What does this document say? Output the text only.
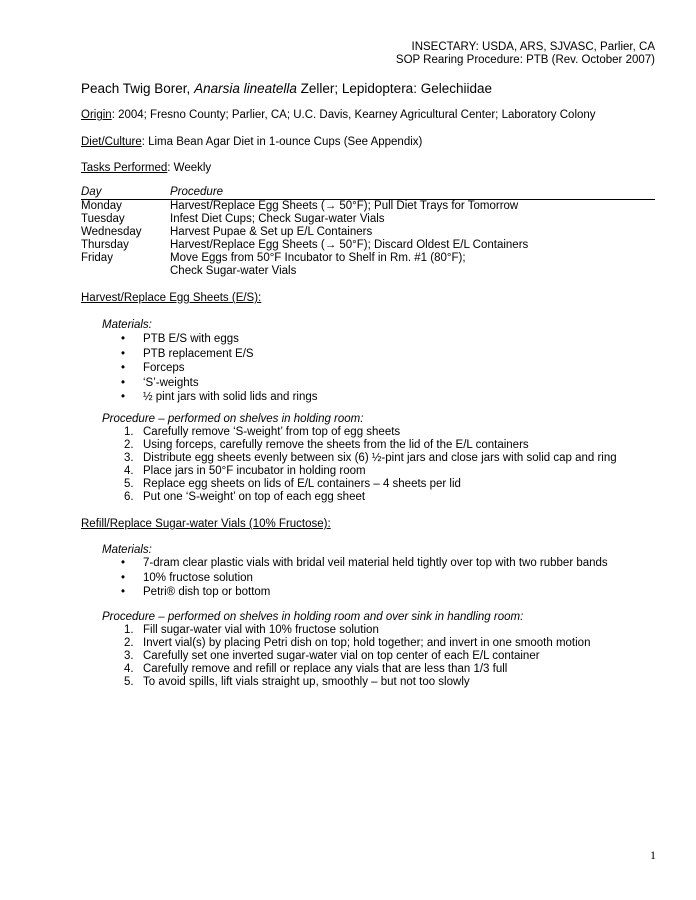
INSECTARY: USDA, ARS, SJVASC, Parlier, CA
SOP Rearing Procedure: PTB (Rev. October 2007)
Peach Twig Borer, Anarsia lineatella Zeller; Lepidoptera: Gelechiidae
Origin: 2004; Fresno County; Parlier, CA; U.C. Davis, Kearney Agricultural Center; Laboratory Colony
Diet/Culture: Lima Bean Agar Diet in 1-ounce Cups (See Appendix)
Tasks Performed: Weekly
Day	Procedure
Monday	Harvest/Replace Egg Sheets (→ 50°F); Pull Diet Trays for Tomorrow
Tuesday	Infest Diet Cups; Check Sugar-water Vials
Wednesday	Harvest Pupae & Set up E/L Containers
Thursday	Harvest/Replace Egg Sheets (→ 50°F); Discard Oldest E/L Containers
Friday	Move Eggs from 50°F Incubator to Shelf in Rm. #1 (80°F);
	Check Sugar-water Vials
Harvest/Replace Egg Sheets (E/S):
Materials:
• PTB E/S with eggs
• PTB replacement E/S
• Forceps
• ‘S’-weights
• ½ pint jars with solid lids and rings
Procedure – performed on shelves in holding room:
1. Carefully remove ‘S-weight’ from top of egg sheets
2. Using forceps, carefully remove the sheets from the lid of the E/L containers
3. Distribute egg sheets evenly between six (6) ½-pint jars and close jars with solid cap and ring
4. Place jars in 50°F incubator in holding room
5. Replace egg sheets on lids of E/L containers – 4 sheets per lid
6. Put one ‘S-weight’ on top of each egg sheet
Refill/Replace Sugar-water Vials (10% Fructose):
Materials:
• 7-dram clear plastic vials with bridal veil material held tightly over top with two rubber bands
• 10% fructose solution
• Petri® dish top or bottom
Procedure – performed on shelves in holding room and over sink in handling room:
1. Fill sugar-water vial with 10% fructose solution
2. Invert vial(s) by placing Petri dish on top; hold together; and invert in one smooth motion
3. Carefully set one inverted sugar-water vial on top center of each E/L container
4. Carefully remove and refill or replace any vials that are less than 1/3 full
5. To avoid spills, lift vials straight up, smoothly – but not too slowly
1
